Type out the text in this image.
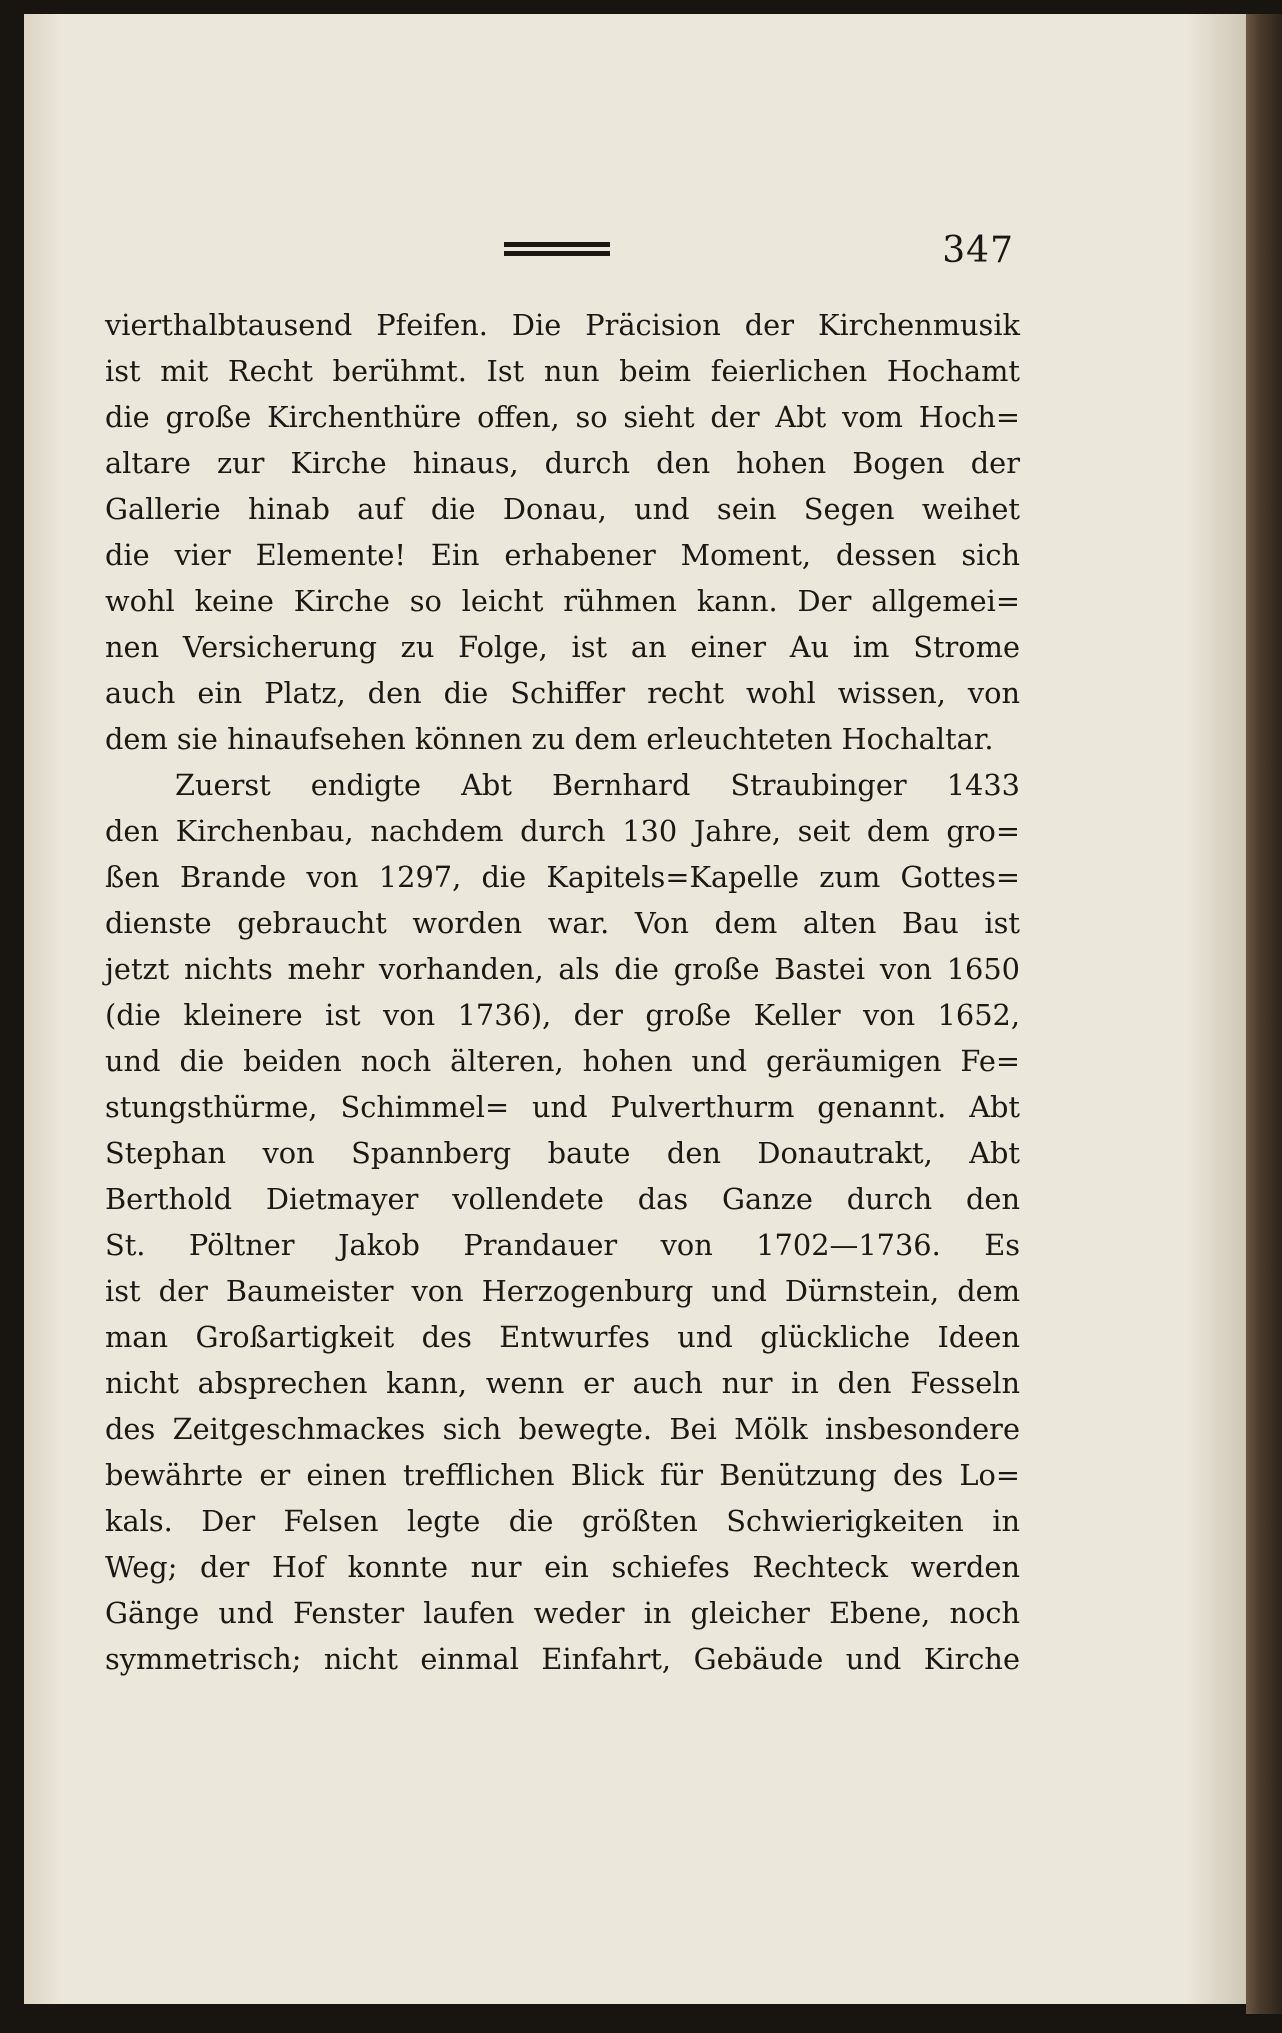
347
vierthalbtausend Pfeifen. Die Präcision der Kirchenmusik
ist mit Recht berühmt. Ist nun beim feierlichen Hochamt
die große Kirchenthüre offen, so sieht der Abt vom Hoch=
altare zur Kirche hinaus, durch den hohen Bogen der
Gallerie hinab auf die Donau, und sein Segen weihet
die vier Elemente! Ein erhabener Moment, dessen sich
wohl keine Kirche so leicht rühmen kann. Der allgemei=
nen Versicherung zu Folge, ist an einer Au im Strome
auch ein Platz, den die Schiffer recht wohl wissen, von
dem sie hinaufsehen können zu dem erleuchteten Hochaltar.
Zuerst endigte Abt Bernhard Straubinger 1433
den Kirchenbau, nachdem durch 130 Jahre, seit dem gro=
ßen Brande von 1297, die Kapitels=Kapelle zum Gottes=
dienste gebraucht worden war. Von dem alten Bau ist
jetzt nichts mehr vorhanden, als die große Bastei von 1650
(die kleinere ist von 1736), der große Keller von 1652,
und die beiden noch älteren, hohen und geräumigen Fe=
stungsthürme, Schimmel= und Pulverthurm genannt. Abt
Stephan von Spannberg baute den Donautrakt, Abt
Berthold Dietmayer vollendete das Ganze durch den
St. Pöltner Jakob Prandauer von 1702—1736. Es
ist der Baumeister von Herzogenburg und Dürnstein, dem
man Großartigkeit des Entwurfes und glückliche Ideen
nicht absprechen kann, wenn er auch nur in den Fesseln
des Zeitgeschmackes sich bewegte. Bei Mölk insbesondere
bewährte er einen trefflichen Blick für Benützung des Lo=
kals. Der Felsen legte die größten Schwierigkeiten in
Weg; der Hof konnte nur ein schiefes Rechteck werden
Gänge und Fenster laufen weder in gleicher Ebene, noch
symmetrisch; nicht einmal Einfahrt, Gebäude und Kirche
